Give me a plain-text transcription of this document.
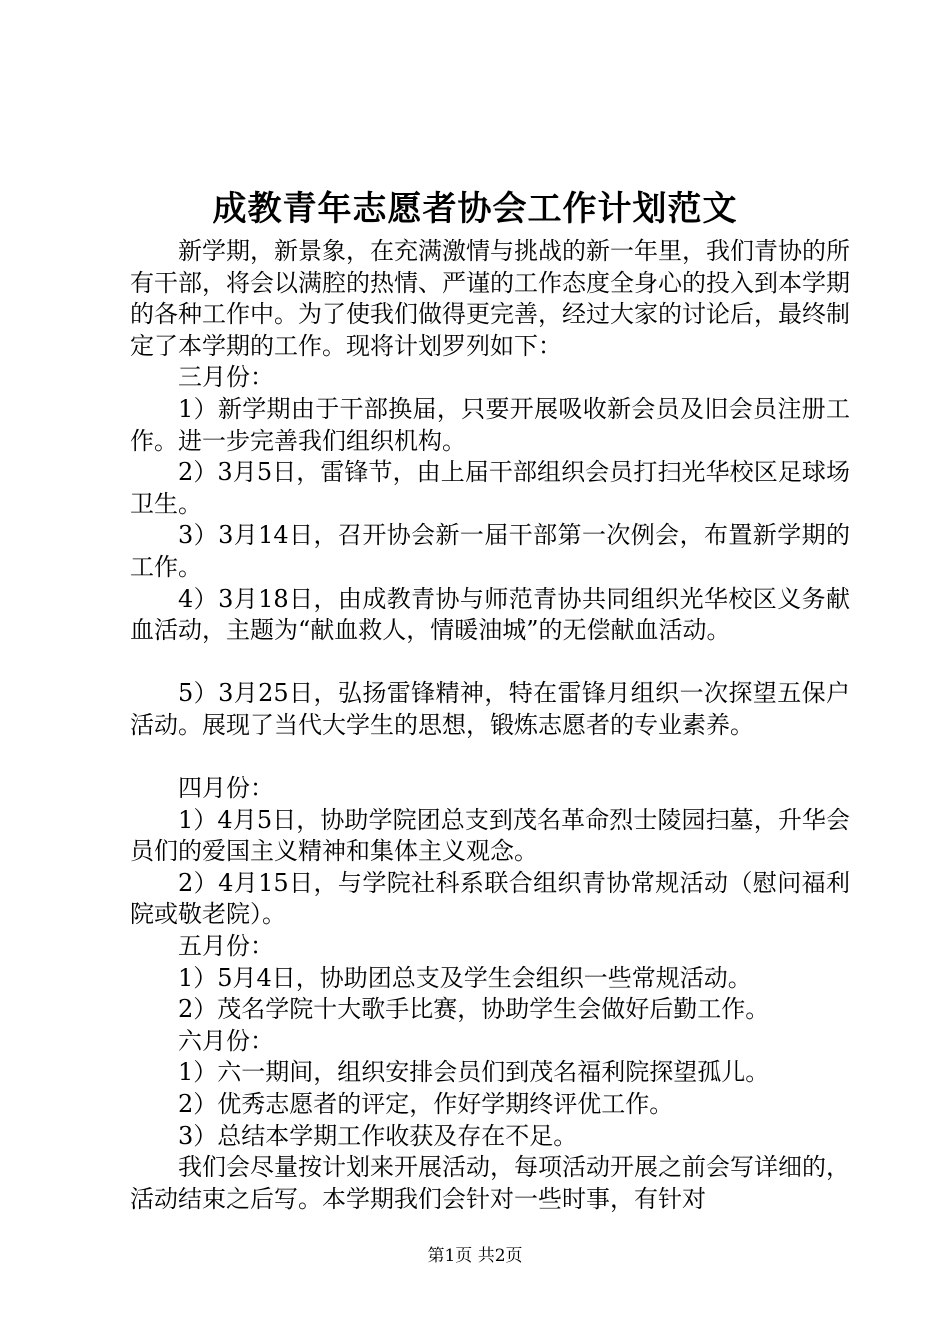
成教青年志愿者协会工作计划范文

新学期，新景象，在充满激情与挑战的新一年里，我们青协的所有干部，将会以满腔的热情、严谨的工作态度全身心的投入到本学期的各种工作中。为了使我们做得更完善，经过大家的讨论后，最终制定了本学期的工作。现将计划罗列如下：

三月份：

1）新学期由于干部换届，只要开展吸收新会员及旧会员注册工作。进一步完善我们组织机构。

2）3月5日，雷锋节，由上届干部组织会员打扫光华校区足球场卫生。

3）3月14日，召开协会新一届干部第一次例会，布置新学期的工作。

4）3月18日，由成教青协与师范青协共同组织光华校区义务献血活动，主题为“献血救人，情暖油城”的无偿献血活动。

5）3月25日，弘扬雷锋精神，特在雷锋月组织一次探望五保户活动。展现了当代大学生的思想，锻炼志愿者的专业素养。

四月份：

1）4月5日，协助学院团总支到茂名革命烈士陵园扫墓，升华会员们的爱国主义精神和集体主义观念。

2）4月15日，与学院社科系联合组织青协常规活动（慰问福利院或敬老院）。

五月份：

1）5月4日，协助团总支及学生会组织一些常规活动。

2）茂名学院十大歌手比赛，协助学生会做好后勤工作。

六月份：

1）六一期间，组织安排会员们到茂名福利院探望孤儿。

2）优秀志愿者的评定，作好学期终评优工作。

3）总结本学期工作收获及存在不足。

我们会尽量按计划来开展活动，每项活动开展之前会写详细的，活动结束之后写。本学期我们会针对一些时事，有针对

第1页 共2页
